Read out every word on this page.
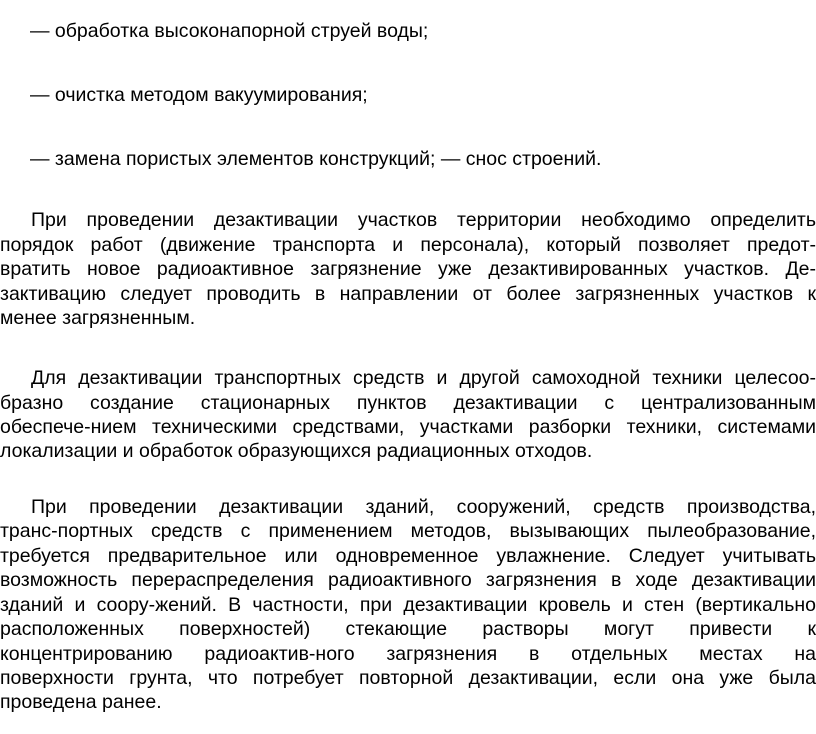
— обработка высоконапорной струей воды;
— очистка методом вакуумирования;
— замена пористых элементов конструкций; — снос строений.
При проведении дезактивации участков территории необходимо определить
порядок работ (движение транспорта и персонала), который позволяет предот-
вратить новое радиоактивное загрязнение уже дезактивированных участков. Де-
зактивацию следует проводить в направлении от более загрязненных участков к
менее загрязненным.
Для дезактивации транспортных средств и другой самоходной техники целесоо-
бразно создание стационарных пунктов дезактивации с централизованным
обеспече-нием техническими средствами, участками разборки техники, системами
локализации и обработок образующихся радиационных отходов.
При проведении дезактивации зданий, сооружений, средств производства,
транс-портных средств с применением методов, вызывающих пылеобразование,
требуется предварительное или одновременное увлажнение. Следует учитывать
возможность перераспределения радиоактивного загрязнения в ходе дезактивации
зданий и соору-жений. В частности, при дезактивации кровель и стен (вертикально
расположенных поверхностей) стекающие растворы могут привести к
концентрированию радиоактив-ного загрязнения в отдельных местах на
поверхности грунта, что потребует повторной дезактивации, если она уже была
проведена ранее.
